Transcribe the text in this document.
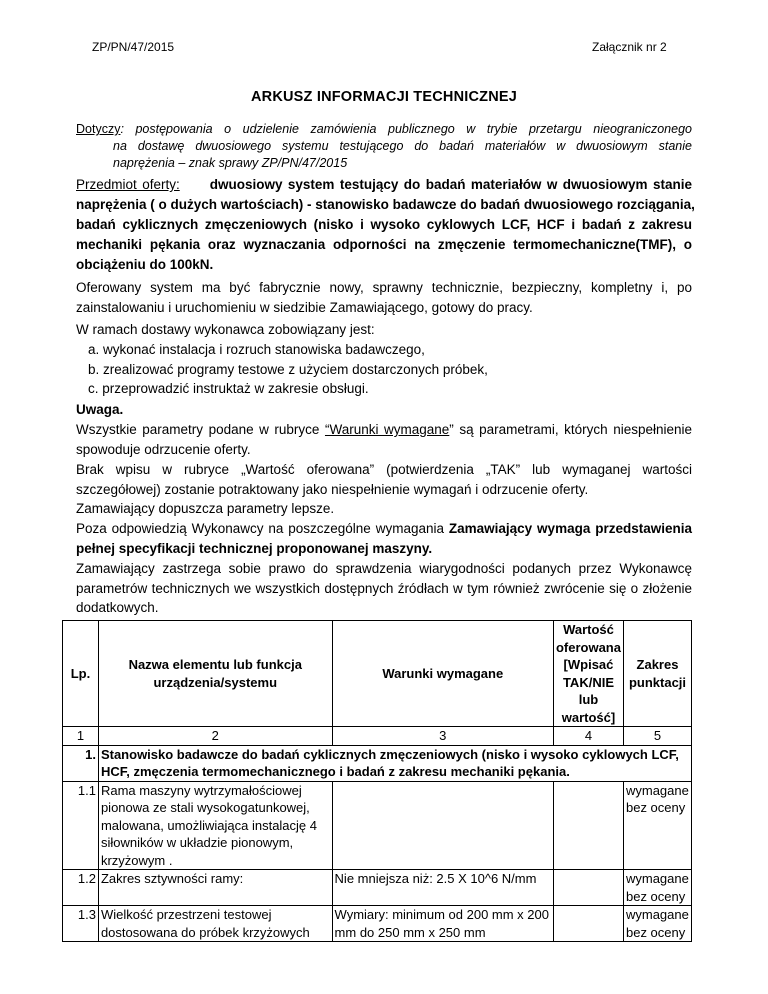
ZP/PN/47/2015	Załącznik nr 2
ARKUSZ INFORMACJI TECHNICZNEJ
Dotyczy: postępowania o udzielenie zamówienia publicznego w trybie przetargu nieograniczonego
na dostawę dwuosiowego systemu testującego do badań materiałów w dwuosiowym stanie
naprężenia – znak sprawy ZP/PN/47/2015
Przedmiot oferty: dwuosiowy system testujący do badań materiałów w dwuosiowym stanie
naprężenia ( o dużych wartościach) - stanowisko badawcze do badań dwuosiowego rozciągania,
badań cyklicznych zmęczeniowych (nisko i wysoko cyklowych LCF, HCF i badań z zakresu
mechaniki pękania oraz wyznaczania odporności na zmęczenie termomechaniczne(TMF), o
obciążeniu do 100kN.
Oferowany system ma być fabrycznie nowy, sprawny technicznie, bezpieczny, kompletny i, po zainstalowaniu i uruchomieniu w siedzibie Zamawiającego, gotowy do pracy.
W ramach dostawy wykonawca zobowiązany jest:
a. wykonać instalacja i rozruch stanowiska badawczego,
b. zrealizować programy testowe z użyciem dostarczonych próbek,
c. przeprowadzić instruktaż w zakresie obsługi.
Uwaga.
Wszystkie parametry podane w rubryce “Warunki wymagane” są parametrami, których niespełnienie spowoduje odrzucenie oferty.
Brak wpisu w rubryce „Wartość oferowana” (potwierdzenia „TAK” lub wymaganej wartości szczegółowej) zostanie potraktowany jako niespełnienie wymagań i odrzucenie oferty.
Zamawiający dopuszcza parametry lepsze.
Poza odpowiedzią Wykonawcy na poszczególne wymagania Zamawiający wymaga przedstawienia pełnej specyfikacji technicznej proponowanej maszyny.
Zamawiający zastrzega sobie prawo do sprawdzenia wiarygodności podanych przez Wykonawcę parametrów technicznych we wszystkich dostępnych źródłach w tym również zwrócenie się o złożenie dodatkowych.
Lp.	Nazwa elementu lub funkcja urządzenia/systemu	Warunki wymagane	Wartość oferowana [Wpisać TAK/NIE lub wartość]	Zakres punktacji
1	2	3	4	5
1.	Stanowisko badawcze do badań cyklicznych zmęczeniowych (nisko i wysoko cyklowych LCF, HCF, zmęczenia termomechanicznego i badań z zakresu mechaniki pękania.			
1.1	Rama maszyny wytrzymałościowej pionowa ze stali wysokogatunkowej, malowana, umożliwiająca instalację 4 siłowników w układzie pionowym, krzyżowym .			wymagane bez oceny
1.2	Zakres sztywności ramy:	Nie mniejsza niż: 2.5 X 10^6 N/mm		wymagane bez oceny
1.3	Wielkość przestrzeni testowej dostosowana do próbek krzyżowych	Wymiary: minimum od 200 mm x 200 mm do 250 mm x 250 mm		wymagane bez oceny
